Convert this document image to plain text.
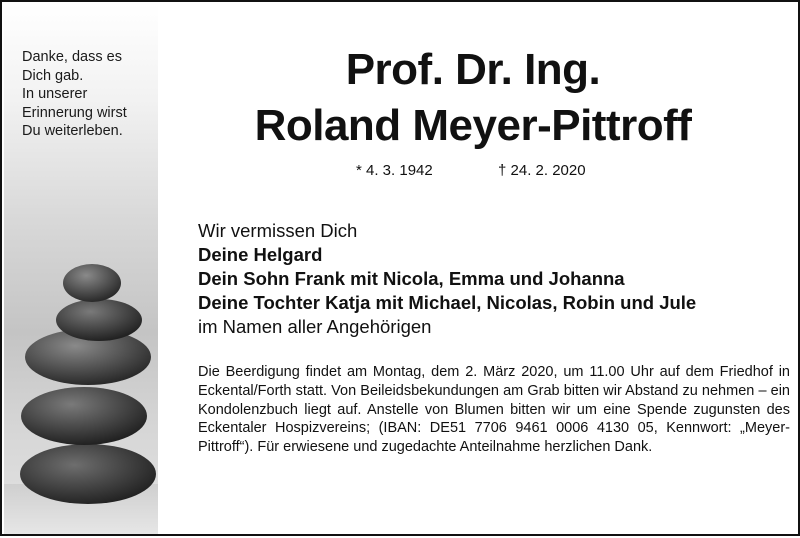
Danke, dass es
Dich gab.
In unserer
Erinnerung wirst
Du weiterleben.
Prof. Dr. Ing.
Roland Meyer-Pittroff
* 4. 3. 1942	† 24. 2. 2020
Wir vermissen Dich
Deine Helgard
Dein Sohn Frank mit Nicola, Emma und Johanna
Deine Tochter Katja mit Michael, Nicolas, Robin und Jule
im Namen aller Angehörigen

Die Beerdigung findet am Montag, dem 2. März 2020, um 11.00 Uhr auf dem Friedhof in Eckental/Forth statt. Von Beileidsbekundungen am Grab bitten wir Abstand zu nehmen – ein Kondolenzbuch liegt auf. Anstelle von Blumen bitten wir um eine Spende zugunsten des Eckentaler Hospizvereins; (IBAN: DE51 7706 9461 0006 4130 05, Kennwort: „Meyer-Pittroff“). Für erwiesene und zugedachte Anteilnahme herzlichen Dank.
